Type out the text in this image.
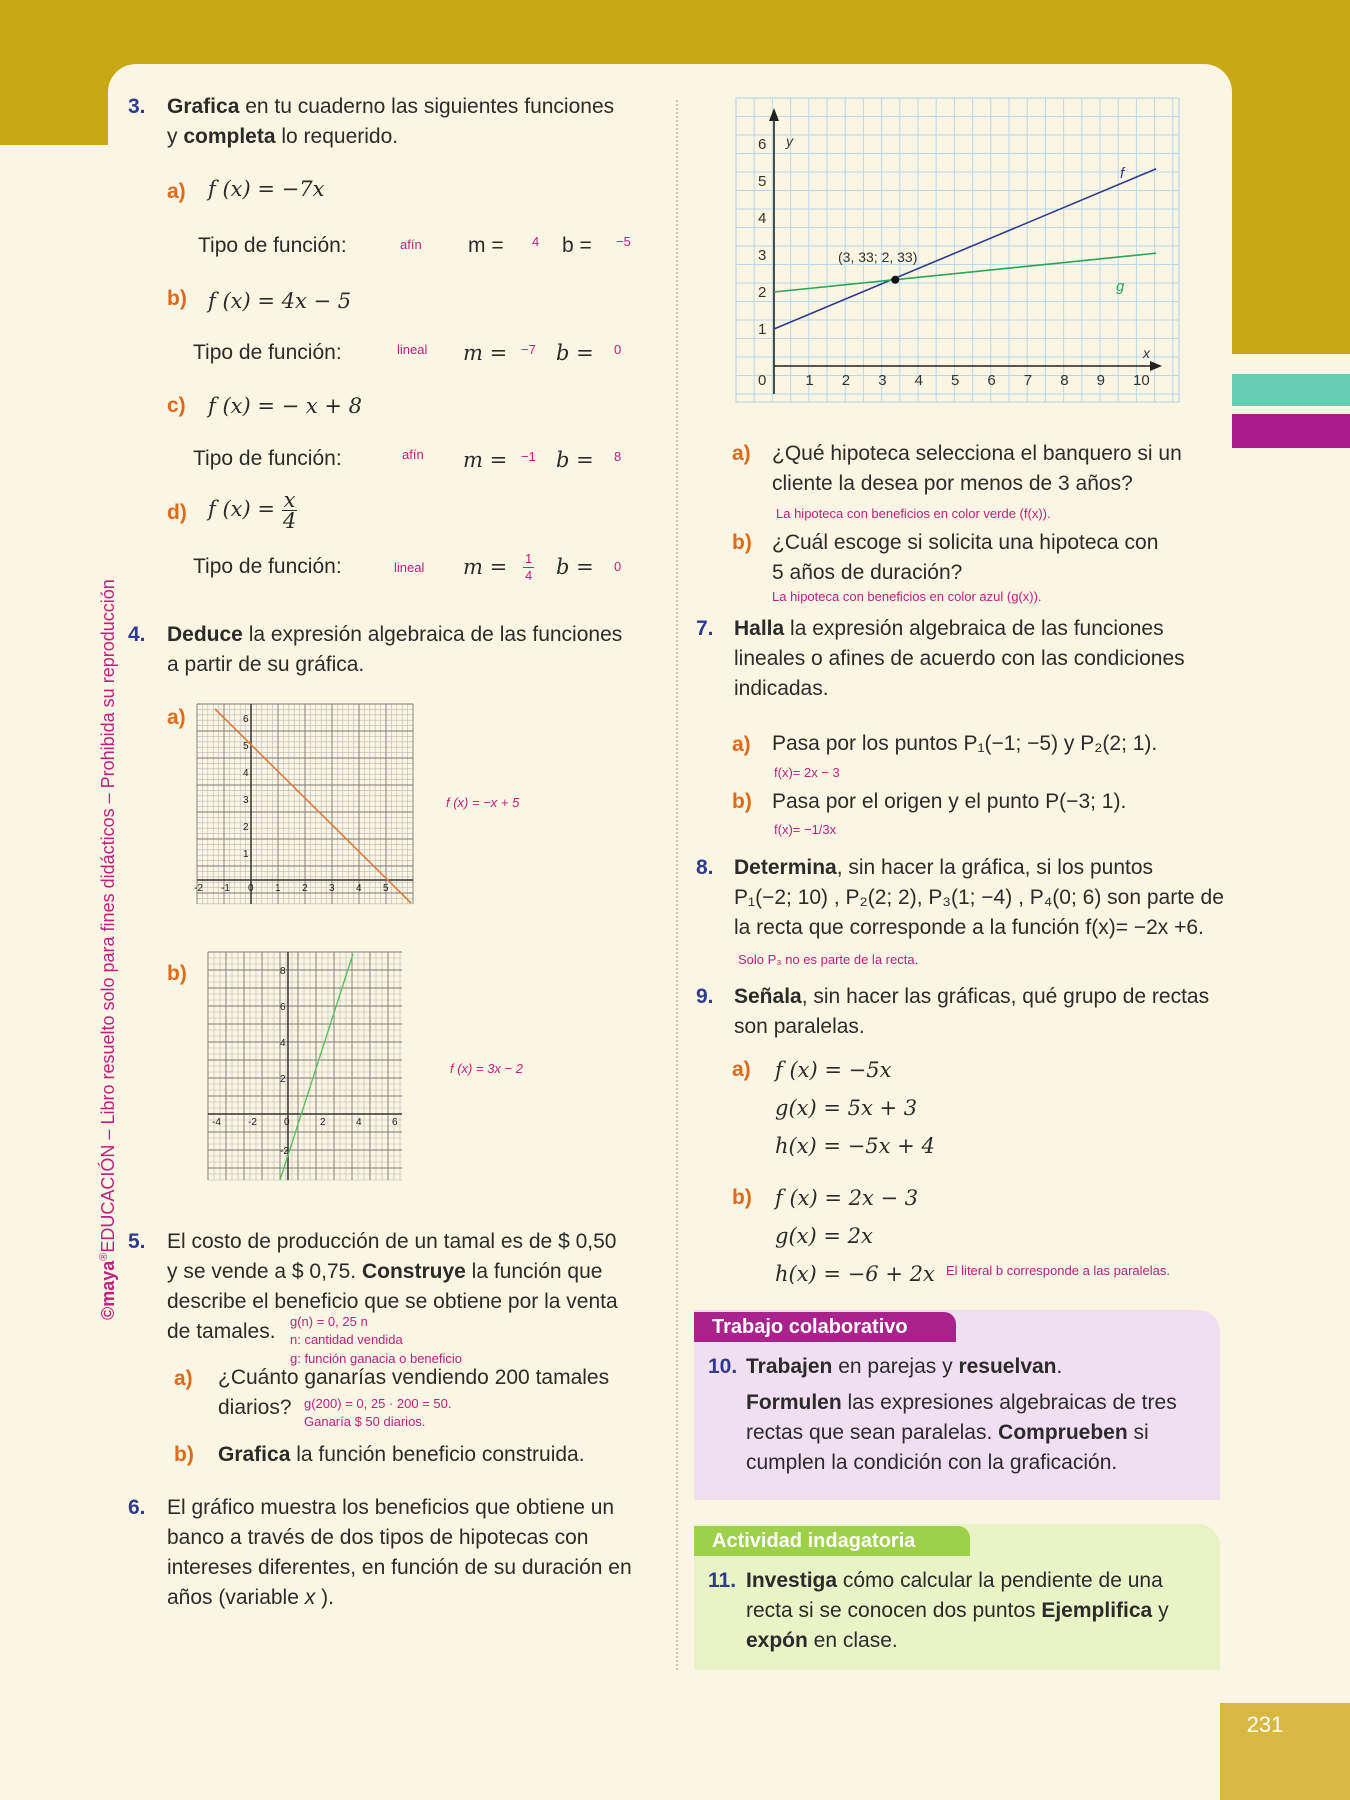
231
©maya®EDUCACIÓN – Libro resuelto solo para fines didácticos – Prohibida su reproducción
3. Grafica en tu cuaderno las siguientes funciones
y completa lo requerido.
a) f (x) = −7x
Tipo de función:	afín m = 4 b = −5
b) f (x) = 4x − 5
Tipo de función:	lineal m = −7 b = 0
c) f (x) = − x + 8
Tipo de función:	afín m = −1 b = 8
d) f $(x) = \frac{x}{4}$
Tipo de función:	lineal $m = \frac{1}{4}$ b = 0
4. Deduce la expresión algebraica de las funciones
a partir de su gráfica.
a)
f (x) = −x + 5
b)
f (x) = 3x − 2
-2 -1 0 1 2 3 4 5
1
2
3
4
5
6
-4	-2	0	2	4	6
8
6
4
2
-2
5. El costo de producción de un tamal es de $ 0,50
y se vende a $ 0,75. Construye la función que
describe el beneficio que se obtiene por la venta
de tamales. g(n) = 0, 25 n
n: cantidad vendida
g: función ganacia o beneficio
a) ¿Cuánto ganarías vendiendo 200 tamales
diarios? g(200) = 0, 25 · 200 = 50.
Ganaría $ 50 diarios.
b) Grafica la función beneficio construida.
6. El gráfico muestra los beneficios que obtiene un
banco a través de dos tipos de hipotecas con
intereses diferentes, en función de su duración en
años (variable x ).
x
y
0	1 2 3 4 5 6 7 8 9 10
1
2
3
4
5
6
f
g
(3, 33; 2, 33)
a) ¿Qué hipoteca selecciona el banquero si un
cliente la desea por menos de 3 años?
La hipoteca con beneficios en color verde (f(x)).
b) ¿Cuál escoge si solicita una hipoteca con
5 años de duración?
La hipoteca con beneficios en color azul (g(x)).
7. Halla la expresión algebraica de las funciones
lineales o afines de acuerdo con las condiciones
indicadas.
a) Pasa por los puntos P₁(−1; −5) y P₂(2; 1).
f(x)= 2x − 3
b) Pasa por el origen y el punto P(−3; 1).
f(x)= −1/3x
8. Determina, sin hacer la gráfica, si los puntos
P₁(−2; 10) , P₂(2; 2), P₃(1; −4) , P₄(0; 6) son parte de
la recta que corresponde a la función f(x)= −2x +6.
Solo P₃ no es parte de la recta.
9. Señala, sin hacer las gráficas, qué grupo de rectas
son paralelas.
a) f (x) = −5x
g(x) = 5x + 3
h(x) = −5x + 4
b) f (x) = 2x − 3
g(x) = 2x
h(x) = −6 + 2x El literal b corresponde a las paralelas.
Trabajo colaborativo
10. Trabajen en parejas y resuelvan.
Formulen las expresiones algebraicas de tres
rectas que sean paralelas. Comprueben si
cumplen la condición con la graficación.
Actividad indagatoria
11. Investiga cómo calcular la pendiente de una
recta si se conocen dos puntos Ejemplifica y
expón en clase.
